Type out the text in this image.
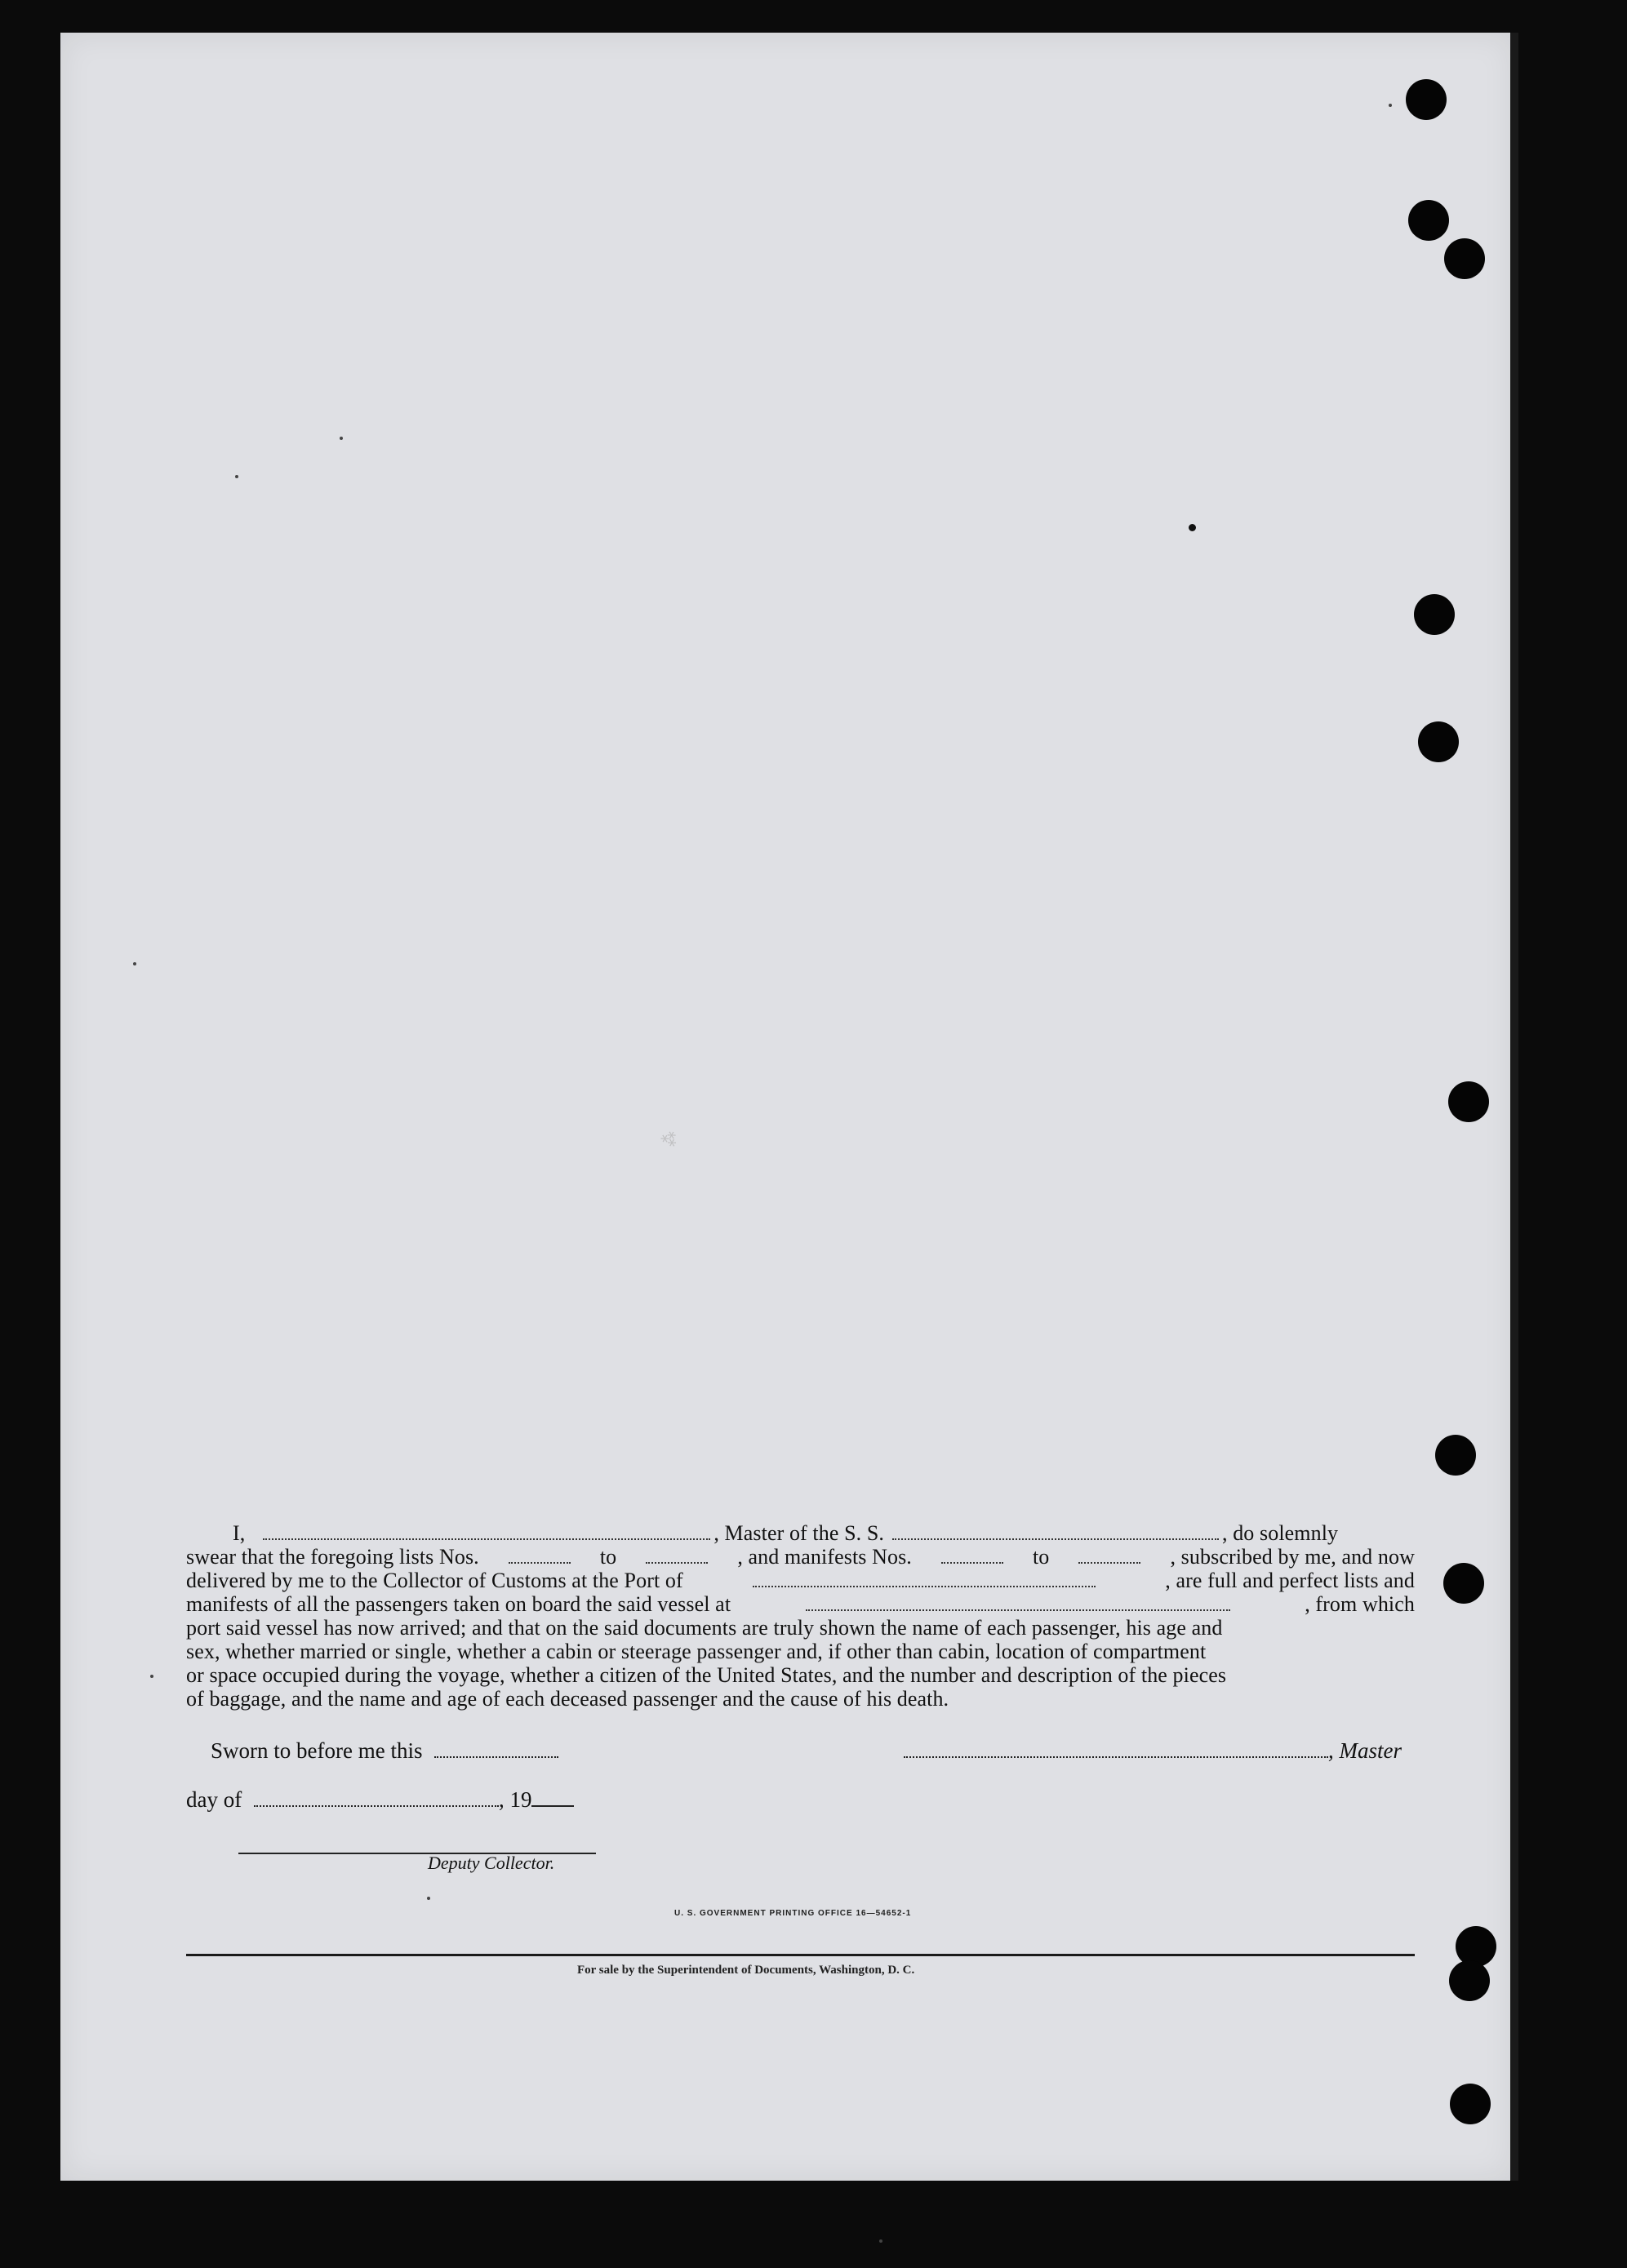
⁂
I,	, Master of the S. S.	, do solemnly
swear that the foregoing lists Nos.	to	, and manifests Nos.	to	, subscribed by me, and now
delivered by me to the Collector of Customs at the Port of	, are full and perfect lists and
manifests of all the passengers taken on board the said vessel at	, from which
port said vessel has now arrived; and that on the said documents are truly shown the name of each passenger, his age and
sex, whether married or single, whether a cabin or steerage passenger and, if other than cabin, location of compartment
or space occupied during the voyage, whether a citizen of the United States, and the number and description of the pieces
of baggage, and the name and age of each deceased passenger and the cause of his death.
Sworn to before me this	, Master
day of	, 19
Deputy Collector.
U. S. GOVERNMENT PRINTING OFFICE 16—54652-1
For sale by the Superintendent of Documents, Washington, D. C.
